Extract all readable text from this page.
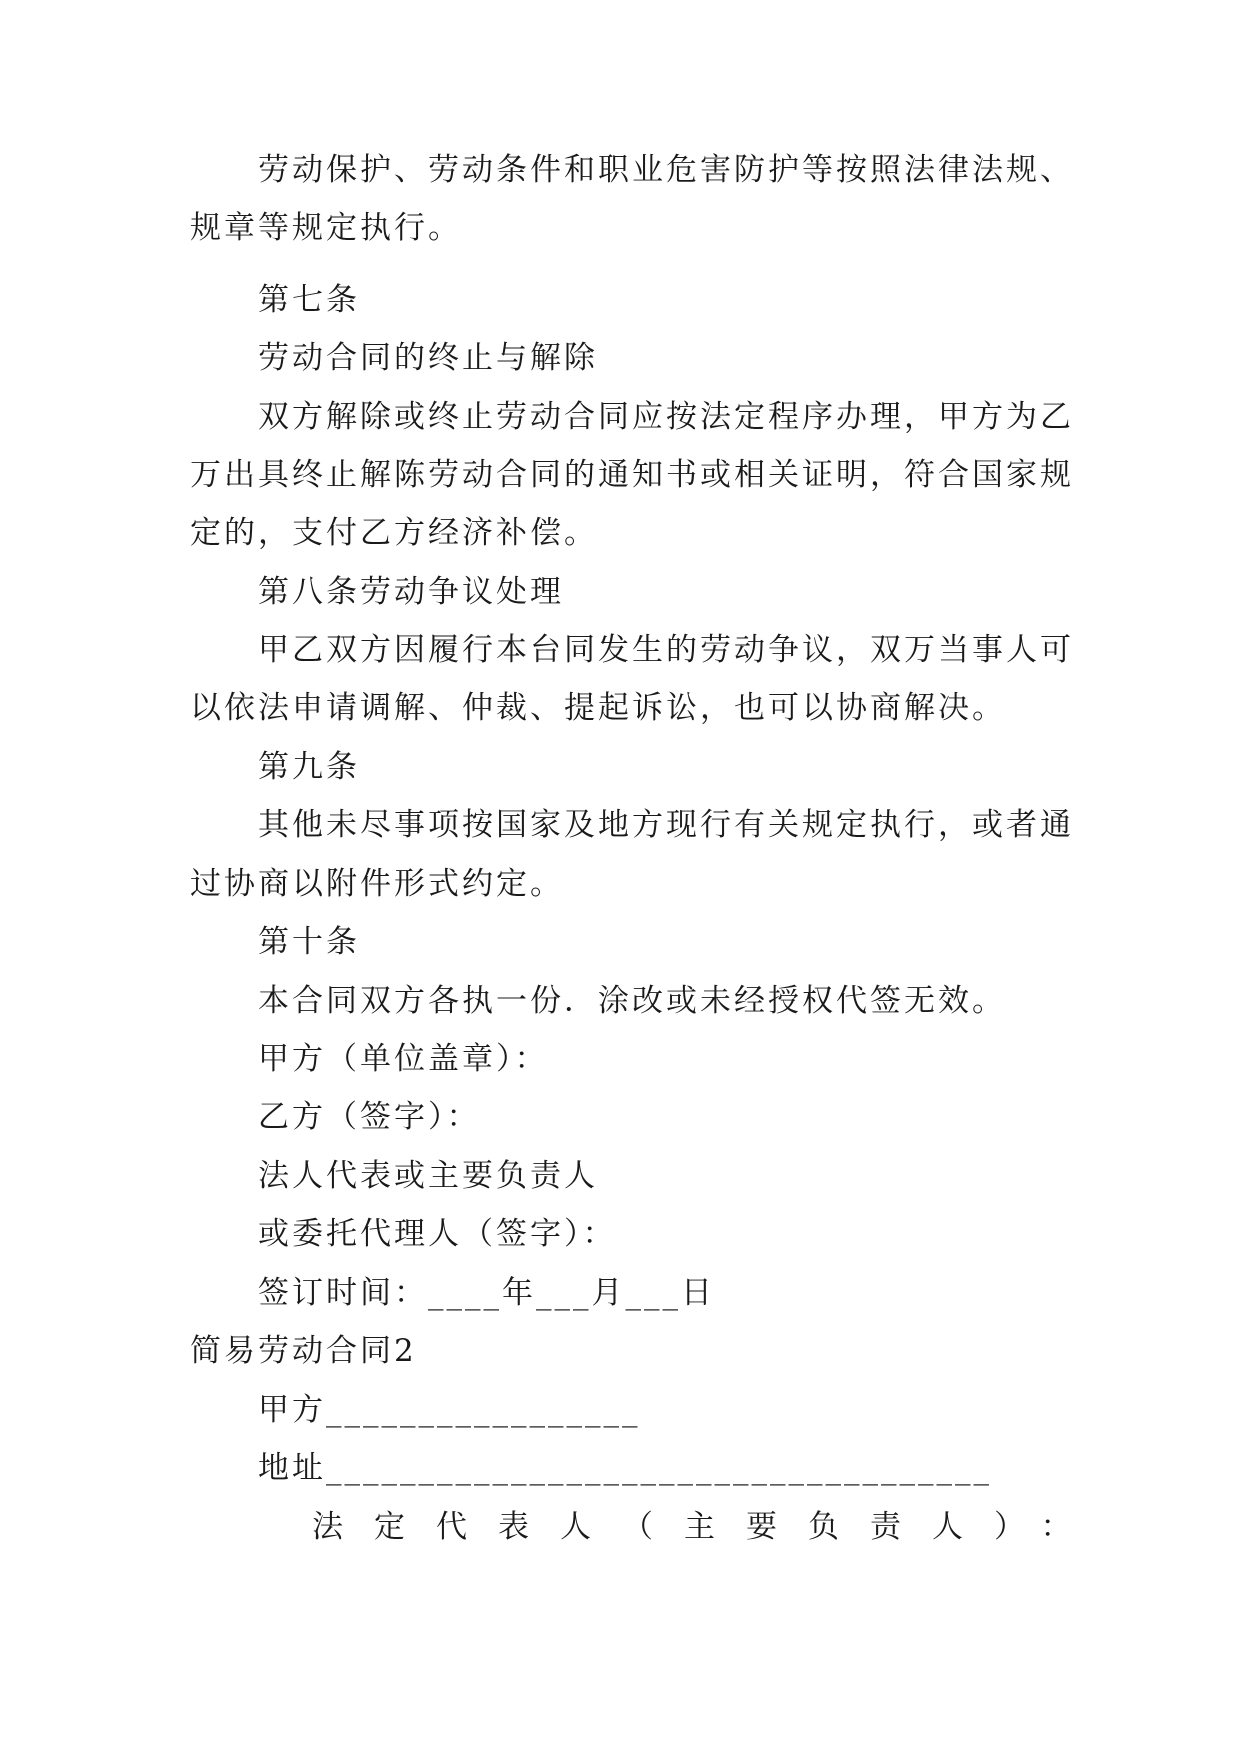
劳动保护、劳动条件和职业危害防护等按照法律法规、
规章等规定执行。
第七条
劳动合同的终止与解除
双方解除或终止劳动合同应按法定程序办理，甲方为乙
万出具终止解陈劳动合同的通知书或相关证明，符合国家规
定的，支付乙方经济补偿。
第八条劳动争议处理
甲乙双方因履行本台同发生的劳动争议，双万当事人可
以依法申请调解、仲裁、提起诉讼，也可以协商解决。
第九条
其他未尽事项按国家及地方现行有关规定执行，或者通
过协商以附件形式约定。
第十条
本合同双方各执一份．涂改或未经授权代签无效。
甲方（单位盖章）：
乙方（签字）：
法人代表或主要负责人
或委托代理人（签字）：
签订时间：____年___月___日
简易劳动合同2
甲方_________________
地址____________________________________
法定代表人（主要负责人）：
